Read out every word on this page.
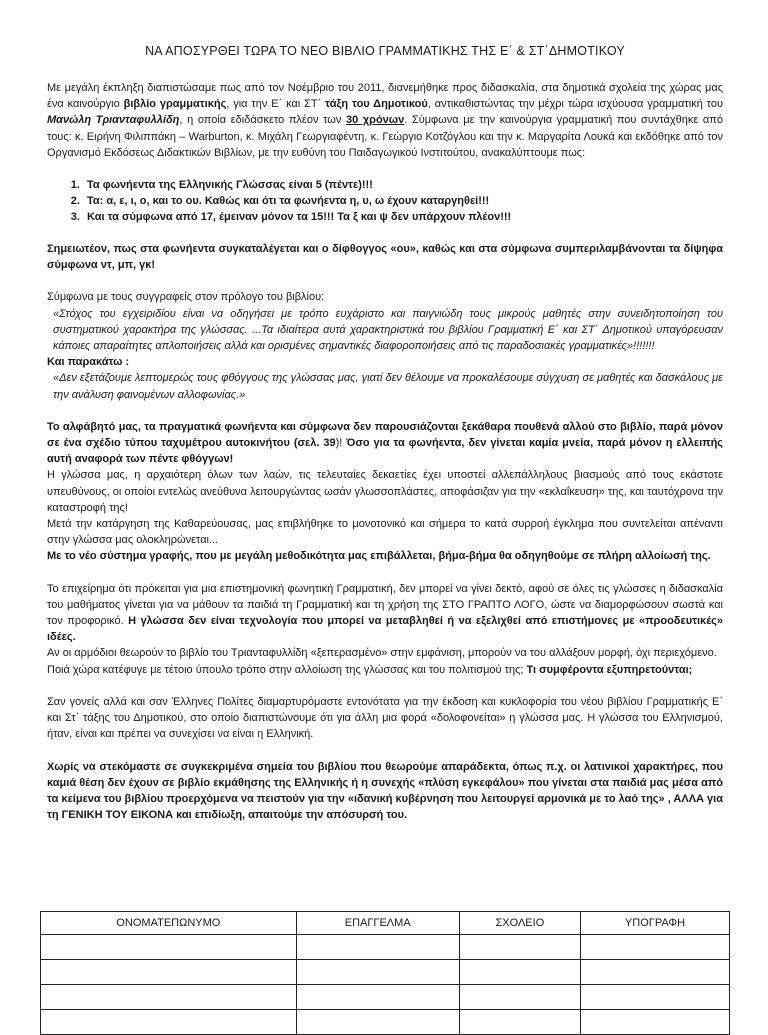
ΝΑ ΑΠΟΣΥΡΘΕΙ ΤΩΡΑ ΤΟ ΝΕΟ ΒΙΒΛΙΟ ΓΡΑΜΜΑΤΙΚΗΣ ΤΗΣ Ε΄ & ΣΤ΄ΔΗΜΟΤΙΚΟΥ

Με μεγάλη έκπληξη διαπιστώσαμε πως από τον Νοέμβριο του 2011, διανεμήθηκε προς διδασκαλία, στα δημοτικά σχολεία της χώρας μας ένα καινούργιο βιβλίο γραμματικής, για την Ε΄ και ΣΤ΄ τάξη του Δημοτικού, αντικαθιστώντας την μέχρι τώρα ισχύουσα γραμματική του Μανώλη Τριανταφυλλίδη, η οποία εδιδάσκετο πλέον των 30 χρόνων. Σύμφωνα με την καινούργια γραμματική που συντάχθηκε από τους: κ. Ειρήνη Φιλιππάκη – Warburton, κ. Μιχάλη Γεωργιαφέντη, κ. Γεώργιο Κοτζόγλου και την κ. Μαργαρίτα Λουκά και εκδόθηκε από τον Οργανισμό Εκδόσεως Διδακτικών Βιβλίων, με την ευθύνη του Παιδαγωγικού Ινστιτούτου, ανακαλύπτουμε πως:

1. Τα φωνήεντα της Ελληνικής Γλώσσας είναι 5 (πέντε)!!!
2. Τα: α, ε, ι, ο, και το ου. Καθώς και ότι τα φωνήεντα η, υ, ω έχουν καταργηθεί!!!
3. Και τα σύμφωνα από 17, έμειναν μόνον τα 15!!! Τα ξ και ψ δεν υπάρχουν πλέον!!!

Σημειωτέον, πως στα φωνήεντα συγκαταλέγεται και ο δίφθογγος «ου», καθώς και στα σύμφωνα συμπεριλαμβάνονται τα δίψηφα σύμφωνα ντ, μπ, γκ!

Σύμφωνα με τους συγγραφείς στον πρόλογο του βιβλίου:

«Στόχος του εγχειριδίου είναι να οδηγήσει με τρόπο ευχάριστο και παιγνιώδη τους μικρούς μαθητές στην συνειδητοποίηση του συστηματικού χαρακτήρα της γλώσσας. ...Τα ιδιαίτερα αυτά χαρακτηριστικά του βιβλίου Γραμματική Ε΄ και ΣΤ΄ Δημοτικού υπαγόρευσαν κάποιες απαραίτητες απλοποιήσεις αλλά και ορισμένες σημαντικές διαφοροποιήσεις από τις παραδοσιακές γραμματικές»!!!!!!!

Και παρακάτω :

«Δεν εξετάζουμε λεπτομερώς τους φθόγγους της γλώσσας μας, γιατί δεν θέλουμε να προκαλέσουμε σύγχυση σε μαθητές και δασκάλους με την ανάλυση φαινομένων αλλοφωνίας.»

Το αλφάβητό μας, τα πραγματικά φωνήεντα και σύμφωνα δεν παρουσιάζονται ξεκάθαρα πουθενά αλλού στο βιβλίο, παρά μόνον σε ένα σχέδιο τύπου ταχυμέτρου αυτοκινήτου (σελ. 39)! Όσο για τα φωνήεντα, δεν γίνεται καμία μνεία, παρά μόνον η ελλειπής αυτή αναφορά των πέντε φθόγγων!

Η γλώσσα μας, η αρχαιότερη όλων των λαών, τις τελευταίες δεκαετίες έχει υποστεί αλλεπάλληλους βιασμούς από τους εκάστοτε υπευθύνους, οι οποίοι εντελώς ανεύθυνα λειτουργώντας ωσάν γλωσσοπλάστες, αποφάσιζαν για την «εκλαΐκευση» της, και ταυτόχρονα την καταστροφή της!

Μετά την κατάργηση της Καθαρεύουσας, μας επιβλήθηκε το μονοτονικό και σήμερα το κατά συρροή έγκλημα που συντελείται απέναντι στην γλώσσα μας ολοκληρώνεται...

Με το νέο σύστημα γραφής, που με μεγάλη μεθοδικότητα μας επιβάλλεται, βήμα-βήμα θα οδηγηθούμε σε πλήρη αλλοίωσή της.

Το επιχείρημα ότι πρόκειται για μια επιστημονική φωνητική Γραμματική, δεν μπορεί να γίνει δεκτό, αφού σε όλες τις γλώσσες η διδασκαλία του μαθήματος γίνεται για να μάθουν τα παιδιά τη Γραμματική και τη χρήση της ΣΤΟ ΓΡΑΠΤΟ ΛΟΓΟ, ώστε να διαμορφώσουν σωστά και τον προφορικό. Η γλώσσα δεν είναι τεχνολογία που μπορεί να μεταβληθεί ή να εξελιχθεί από επιστήμονες με «προοδευτικές» ιδέες.

Αν οι αρμόδιοι θεωρούν το βιβλίο του Τριανταφυλλίδη «ξεπερασμένο» στην εμφάνιση, μπορούν να του αλλάξουν μορφή, όχι περιεχόμενο.

Ποιά χώρα κατέφυγε με τέτοιο ύπουλο τρόπο στην αλλοίωση της γλώσσας και του πολιτισμού της; Τι συμφέροντα εξυπηρετούνται;

Σαν γονείς αλλά και σαν Έλληνες Πολίτες διαμαρτυρόμαστε εντονότατα για την έκδοση και κυκλοφορία του νέου βιβλίου Γραμματικής Ε΄ και Στ΄ τάξης του Δημοτικού, στο οποίο διαπιστώνουμε ότι για άλλη μια φορά «δολοφονείται» η γλώσσα μας. Η γλώσσα του Ελληνισμού, ήταν, είναι και πρέπει να συνεχίσει να είναι η Ελληνική.

Χωρίς να στεκόμαστε σε συγκεκριμένα σημεία του βιβλίου που θεωρούμε απαράδεκτα, όπως π.χ. οι λατινικοί χαρακτήρες, που καμιά θέση δεν έχουν σε βιβλίο εκμάθησης της Ελληνικής ή η συνεχής «πλύση εγκεφάλου» που γίνεται στα παιδιά μας μέσα από τα κείμενα του βιβλίου προερχόμενα να πειστούν για την «ιδανική κυβέρνηση που λειτουργεί αρμονικά με το λαό της» , ΑΛΛΑ για τη ΓΕΝΙΚΗ ΤΟΥ ΕΙΚΟΝΑ και επιδίωξη, απαιτούμε την απόσυρσή του.

ΟΝΟΜΑΤΕΠΩΝΥΜΟ	ΕΠΑΓΓΕΛΜΑ	ΣΧΟΛΕΙΟ	ΥΠΟΓΡΑΦΗ
